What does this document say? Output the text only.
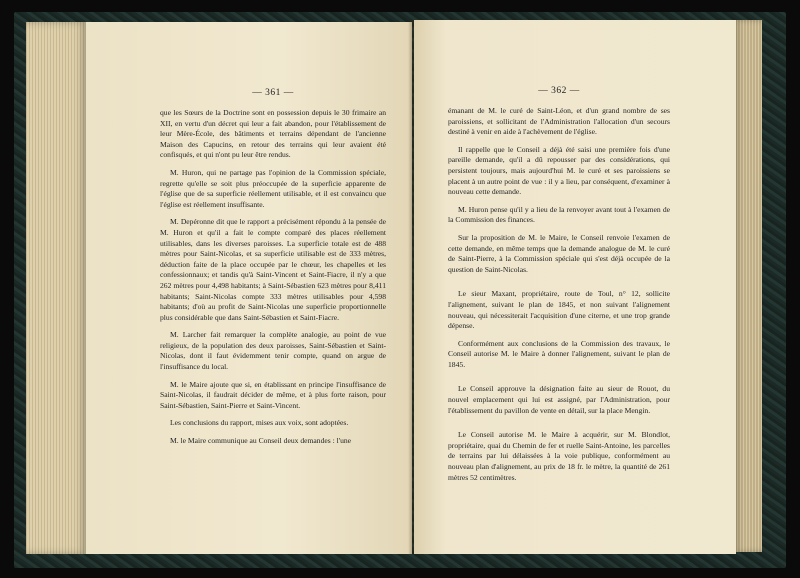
— 361 —

que les Sœurs de la Doctrine sont en possession depuis le 30 frimaire an XII, en vertu d'un décret qui leur a fait abandon, pour l'établissement de leur Mère-École, des bâtiments et terrains dépendant de l'ancienne Maison des Capucins, en retour des terrains qui leur avaient été confisqués, et qui n'ont pu leur être rendus.

M. Huron, qui ne partage pas l'opinion de la Commission spéciale, regrette qu'elle se soit plus préoccupée de la superficie apparente de l'église que de sa superficie réellement utilisable, et il est convaincu que l'église est réellement insuffisante.

M. Depéronne dit que le rapport a précisément répondu à la pensée de M. Huron et qu'il a fait le compte comparé des places réellement utilisables, dans les diverses paroisses. La superficie totale est de 488 mètres pour Saint-Nicolas, et sa superficie utilisable est de 333 mètres, déduction faite de la place occupée par le chœur, les chapelles et les confessionnaux; et tandis qu'à Saint-Vincent et Saint-Fiacre, il n'y a que 262 mètres pour 4,498 habitants; à Saint-Sébastien 623 mètres pour 8,411 habitants; Saint-Nicolas compte 333 mètres utilisables pour 4,598 habitants; d'où au profit de Saint-Nicolas une superficie proportionnelle plus considérable que dans Saint-Sébastien et Saint-Fiacre.

M. Larcher fait remarquer la complète analogie, au point de vue religieux, de la population des deux paroisses, Saint-Sébastien et Saint-Nicolas, dont il faut évidemment tenir compte, quand on argue de l'insuffisance du local.

M. le Maire ajoute que si, en établissant en principe l'insuffisance de Saint-Nicolas, il faudrait décider de même, et à plus forte raison, pour Saint-Sébastien, Saint-Pierre et Saint-Vincent.

Les conclusions du rapport, mises aux voix, sont adoptées.

M. le Maire communique au Conseil deux demandes : l'une

— 362 —

émanant de M. le curé de Saint-Léon, et d'un grand nombre de ses paroissiens, et sollicitant de l'Administration l'allocation d'un secours destiné à venir en aide à l'achèvement de l'église.

Il rappelle que le Conseil a déjà été saisi une première fois d'une pareille demande, qu'il a dû repousser par des considérations, qui persistent toujours, mais aujourd'hui M. le curé et ses paroissiens se placent à un autre point de vue : il y a lieu, par conséquent, d'examiner à nouveau cette demande.

M. Huron pense qu'il y a lieu de la renvoyer avant tout à l'examen de la Commission des finances.

Sur la proposition de M. le Maire, le Conseil renvoie l'examen de cette demande, en même temps que la demande analogue de M. le curé de Saint-Pierre, à la Commission spéciale qui s'est déjà occupée de la question de Saint-Nicolas.

Le sieur Maxant, propriétaire, route de Toul, n° 12, sollicite l'alignement, suivant le plan de 1845, et non suivant l'alignement nouveau, qui nécessiterait l'acquisition d'une citerne, et une trop grande dépense.

Conformément aux conclusions de la Commission des travaux, le Conseil autorise M. le Maire à donner l'alignement, suivant le plan de 1845.

Le Conseil approuve la désignation faite au sieur de Rouot, du nouvel emplacement qui lui est assigné, par l'Administration, pour l'établissement du pavillon de vente en détail, sur la place Mengin.

Le Conseil autorise M. le Maire à acquérir, sur M. Blondlot, propriétaire, quai du Chemin de fer et ruelle Saint-Antoine, les parcelles de terrains par lui délaissées à la voie publique, conformément au nouveau plan d'alignement, au prix de 18 fr. le mètre, la quantité de 261 mètres 52 centimètres.
